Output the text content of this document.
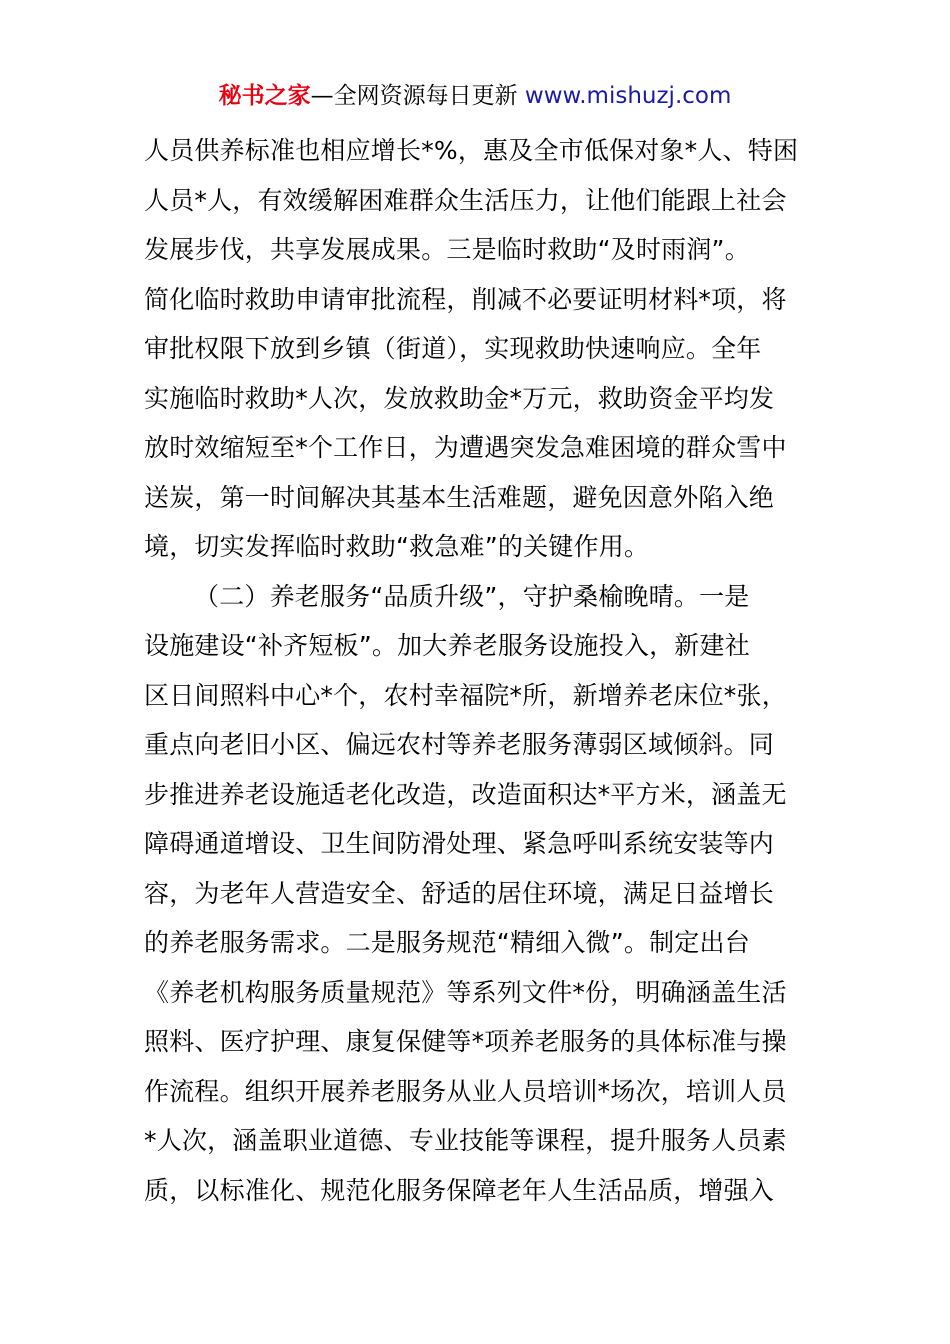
秘书之家—全网资源每日更新 www.mishuzj.com
人员供养标准也相应增长*%，惠及全市低保对象*人、特困
人员*人，有效缓解困难群众生活压力，让他们能跟上社会
发展步伐，共享发展成果。三是临时救助“及时雨润”。
简化临时救助申请审批流程，削减不必要证明材料*项，将
审批权限下放到乡镇（街道），实现救助快速响应。全年
实施临时救助*人次，发放救助金*万元，救助资金平均发
放时效缩短至*个工作日，为遭遇突发急难困境的群众雪中
送炭，第一时间解决其基本生活难题，避免因意外陷入绝
境，切实发挥临时救助“救急难”的关键作用。
（二）养老服务“品质升级”，守护桑榆晚晴。一是
设施建设“补齐短板”。加大养老服务设施投入，新建社
区日间照料中心*个，农村幸福院*所，新增养老床位*张，
重点向老旧小区、偏远农村等养老服务薄弱区域倾斜。同
步推进养老设施适老化改造，改造面积达*平方米，涵盖无
障碍通道增设、卫生间防滑处理、紧急呼叫系统安装等内
容，为老年人营造安全、舒适的居住环境，满足日益增长
的养老服务需求。二是服务规范“精细入微”。制定出台
《养老机构服务质量规范》等系列文件*份，明确涵盖生活
照料、医疗护理、康复保健等*项养老服务的具体标准与操
作流程。组织开展养老服务从业人员培训*场次，培训人员
*人次，涵盖职业道德、专业技能等课程，提升服务人员素
质，以标准化、规范化服务保障老年人生活品质，增强入
